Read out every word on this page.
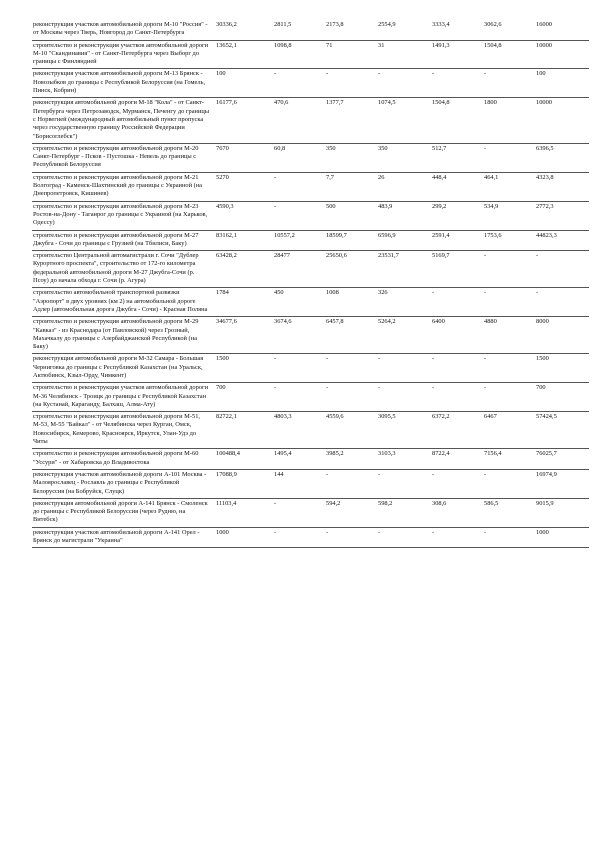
реконструкция участков автомобильной дороги М-10 "Россия" - от Москвы через Тверь, Новгород до Санкт-Петербурга	30336,2	2811,5	2173,8	2554,9	3333,4	3062,6	16000
строительство и реконструкция участков автомобильной дороги М-10 "Скандинавия" - от Санкт-Петербурга через Выборг до границы с Финляндией	13652,1	1098,8	71	31	1491,3	1504,8	10000
реконструкция участков автомобильной дороги М-13 Брянск - Новозыбков до границы с Республикой Белоруссия (на Гомель, Пинск, Кобрин)	100	-	-	-	-	-	100
реконструкция автомобильной дороги М-18 "Кола" - от Санкт-Петербурга через Петрозаводск, Мурманск, Печенгу до границы с Норвегией (международный автомобильный пункт пропуска через государственную границу Российской Федерации "Борисоглебск")	16177,6	470,6	1377,7	1074,5	1504,8	1800	10000
строительство и реконструкция автомобильной дороги М-20 Санкт-Петербург - Псков - Пустошка - Невель до границы с Республикой Белоруссия	7670	60,8	350	350	512,7	-	6396,5
строительство и реконструкция автомобильной дороги М-21 Волгоград - Каменск-Шахтинский до границы с Украиной (на Днепропетровск, Кишинев)	5270	-	7,7	26	448,4	464,1	4323,8
строительство и реконструкция автомобильной дороги М-23 Ростов-на-Дону - Таганрог до границы с Украиной (на Харьков, Одессу)	4590,3	-	500	483,9	299,2	534,9	2772,3
строительство и реконструкция автомобильной дороги М-27 Джубга - Сочи до границы с Грузией (на Тбилиси, Баку)	83162,1	10557,2	18599,7	6596,9	2591,4	1753,6	44823,3
строительство Центральной автомагистрали г. Сочи "Дублер Курортного проспекта", строительство от 172-го километра федеральной автомобильной дороги М-27 Джубга-Сочи (р. Псоу) до начала обхода г. Сочи (р. Агура)	63428,2	28477	25650,6	23531,7	5169,7	-	-
строительство автомобильной транспортной развязки "Аэропорт" в двух уровнях (км 2) на автомобильной дороге Адлер (автомобильная дорога Джубга - Сочи) - Красная Поляна	1784	450	1008	326	-	-	-
строительство и реконструкция автомобильной дороги М-29 "Кавказ" - из Краснодара (от Павловской) через Грозный, Махачкалу до границы с Азербайджанской Республикой (на Баку)	34677,6	3674,6	6457,8	5264,2	6400	4880	8000
реконструкция автомобильной дороги М-32 Самара - Большая Черниговка до границы с Республикой Казахстан (на Уральск, Актюбинск, Кзыл-Орду, Чимкент)	1500	-	-	-	-	-	1500
строительство и реконструкция участков автомобильной дороги М-36 Челябинск - Троицк до границы с Республикой Казахстан (на Кустанай, Караганду, Балхаш, Алма-Ату)	700	-	-	-	-	-	700
строительство и реконструкция автомобильной дороги М-51, М-53, М-55 "Байкал" - от Челябинска через Курган, Омск, Новосибирск, Кемерово, Красноярск, Иркутск, Улан-Удэ до Читы	82722,1	4803,3	4559,6	3095,5	6372,2	6467	57424,5
строительство и реконструкция автомобильной дороги М-60 "Уссури" - от Хабаровска до Владивостока	100488,4	1495,4	3985,2	3103,3	8722,4	7156,4	76025,7
реконструкция участков автомобильной дороги А-101 Москва - Малоярославец - Рославль до границы с Республикой Белоруссия (на Бобруйск, Слуцк)	17088,9	144	-	-	-	-	16974,9
реконструкция автомобильной дороги А-141 Брянск - Смоленск до границы с Республикой Белоруссия (через Рудню, на Витебск)	11103,4	-	594,2	598,2	308,6	586,5	9015,9
реконструкция участков автомобильной дороги А-141 Орел - Брянск до магистрали "Украина"	1000	-	-	-	-	-	1000
